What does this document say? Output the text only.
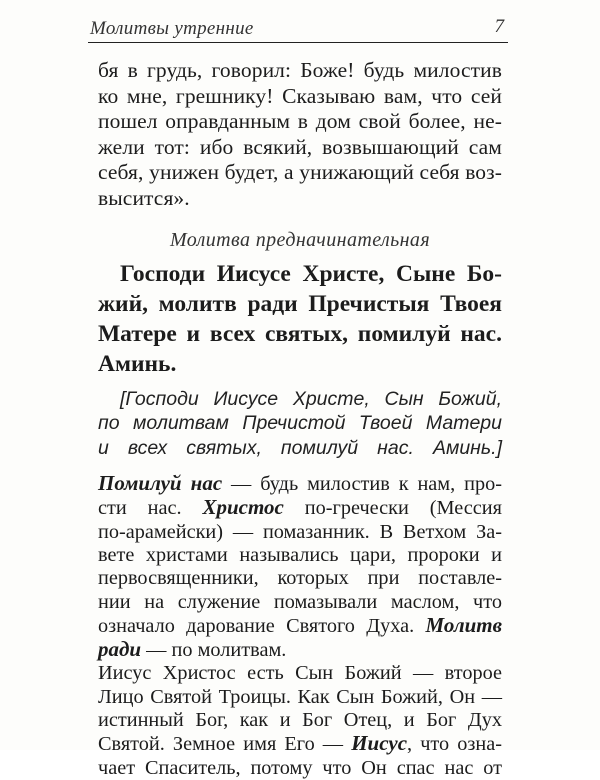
Молитвы утренние	7

бя в грудь, говорил: Боже! будь милостив
ко мне, грешнику! Сказываю вам, что сей
пошел оправданным в дом свой более, не-
жели тот: ибо всякий, возвышающий сам
себя, унижен будет, а унижающий себя воз-
высится».

Молитва предначинательная
Господи Иисусе Христе, Сыне Бо-
жий, молитв ради Пречистыя Твоея
Матере и всех святых, помилуй нас.
Аминь.
[Господи Иисусе Христе, Сын Божий,
по молитвам Пречистой Твоей Матери
и всех святых, помилуй нас. Аминь.]
Помилуй нас — будь милостив к нам, про-
сти нас. Христос по-гречески (Мессия
по-арамейски) — помазанник. В Ветхом За-
вете христами назывались цари, пророки и
первосвященники, которых при поставле-
нии на служение помазывали маслом, что
означало дарование Святого Духа. Молитв
ради — по молитвам.
Иисус Христос есть Сын Божий — второе
Лицо Святой Троицы. Как Сын Божий, Он —
истинный Бог, как и Бог Отец, и Бог Дух
Святой. Земное имя Его — Иисус, что озна-
чает Спаситель, потому что Он спас нас от
